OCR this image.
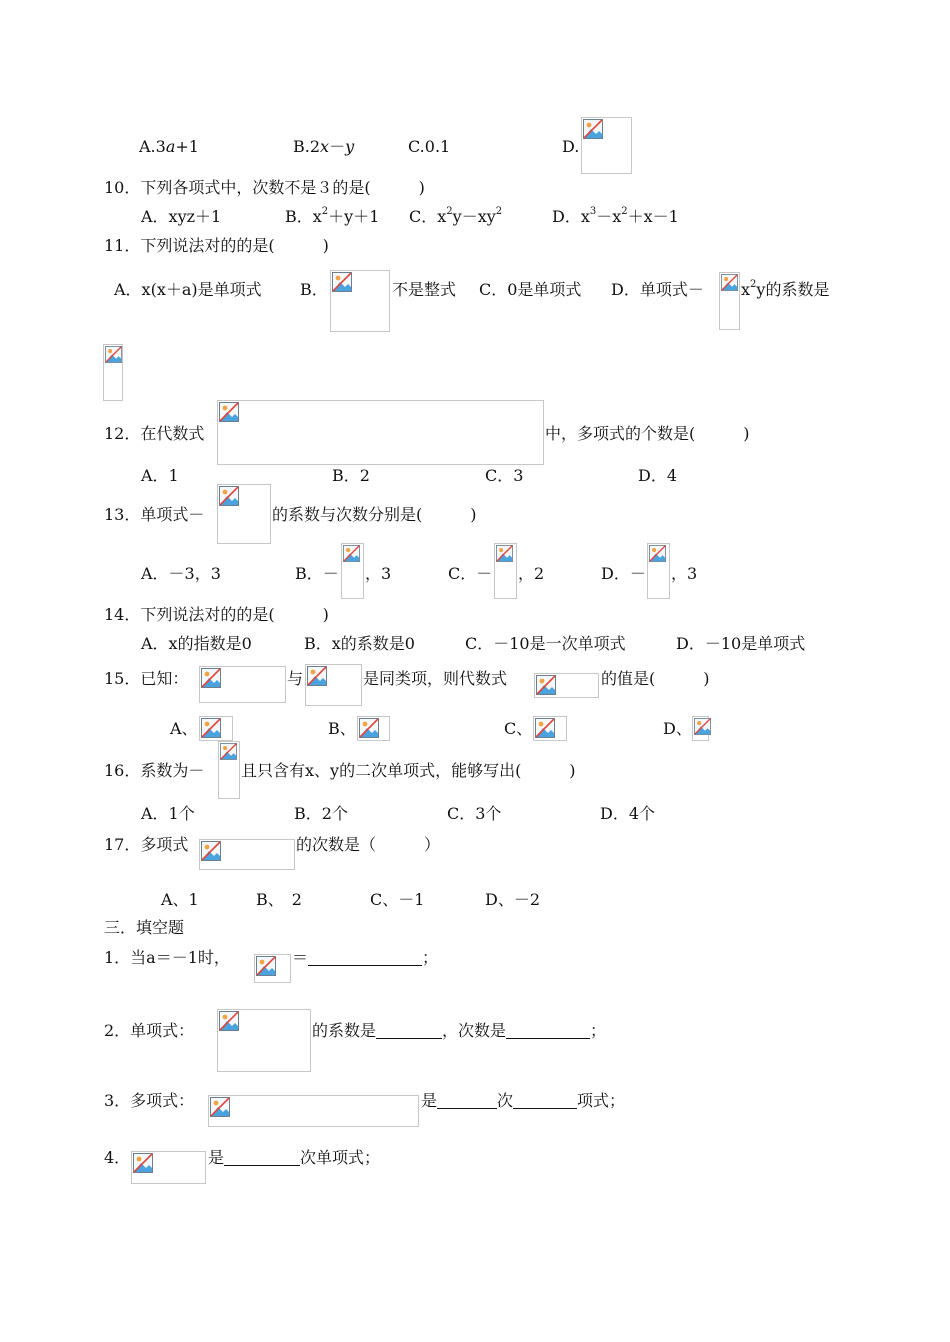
A.3a+1	B.2x－y	C.0.1	D.
10．下列各项式中，次数不是３的是(　　　)
A．xyz＋1	B．$x^2+y+1$ C．$x^2y-xy^2$	D．$x^3-x^2+x-1$
11．下列说法对的的是(　　　)
A．x(x＋a)是单项式 B．	不是整式 C．0是单项式 D．单项式－ $x^2y$的系数是
12．在代数式	中，多项式的个数是(　　　)
A．1	B．2	C．3	D．4
13．单项式－	的系数与次数分别是(　　　)
A．－3，3	B．－ ，3	C．－ ，2	D．－ ，3
14．下列说法对的的是(　　　)
A．x的指数是0	B．x的系数是0	C．－10是一次单项式	D．－10是单项式
15．已知：	与	是同类项，则代数式	的值是(　　　)
A、	B、	C、	D、
16．系数为－ 且只含有x、y的二次单项式，能够写出(　　　)
A．1个	B．2个	C．3个	D．4个
17．多项式	的次数是（　　　）
A、1	B、　2	C、－1	D、－2
三．填空题
1．当a＝－1时，	＝	；
2．单项式：	的系数是	，次数是	；
3．多项式：	是	次	项式；
4．	是	次单项式；
